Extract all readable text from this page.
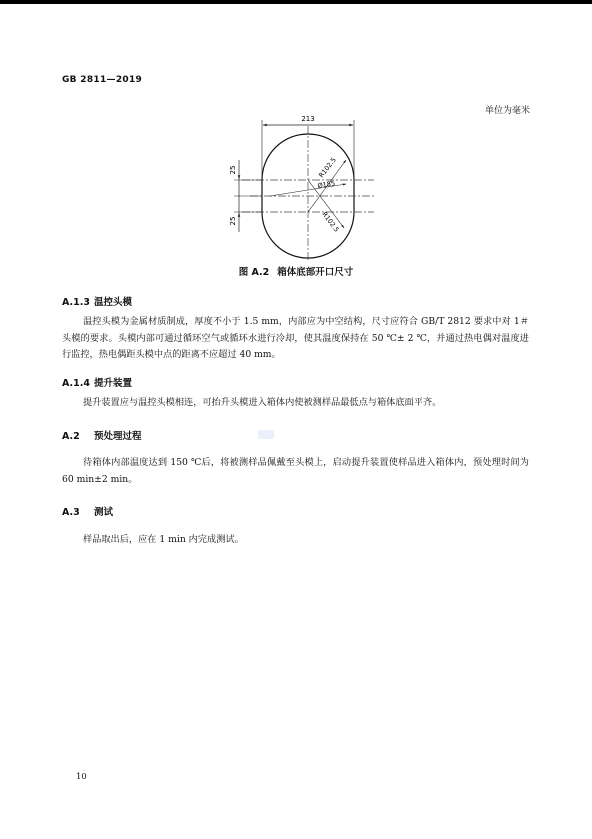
GB 2811—2019
单位为毫米
213
25
25
R102.5
Ø185
R102.5
图 A.2 箱体底部开口尺寸
A.1.3 温控头模
温控头模为金属材质制成，厚度不小于 1.5 mm，内部应为中空结构，尺寸应符合 GB/T 2812 要求中对 1＃头模的要求。头模内部可通过循环空气或循环水进行冷却，使其温度保持在 50 ℃± 2 ℃，并通过热电偶对温度进行监控，热电偶距头模中点的距离不应超过 40 mm。
A.1.4 提升装置
提升装置应与温控头模相连，可抬升头模进入箱体内使被测样品最低点与箱体底面平齐。
A.2 预处理过程
待箱体内部温度达到 150 ℃后，将被测样品佩戴至头模上，启动提升装置使样品进入箱体内，预处理时间为 60 min±2 min。
A.3 测试
样品取出后，应在 1 min 内完成测试。
10
